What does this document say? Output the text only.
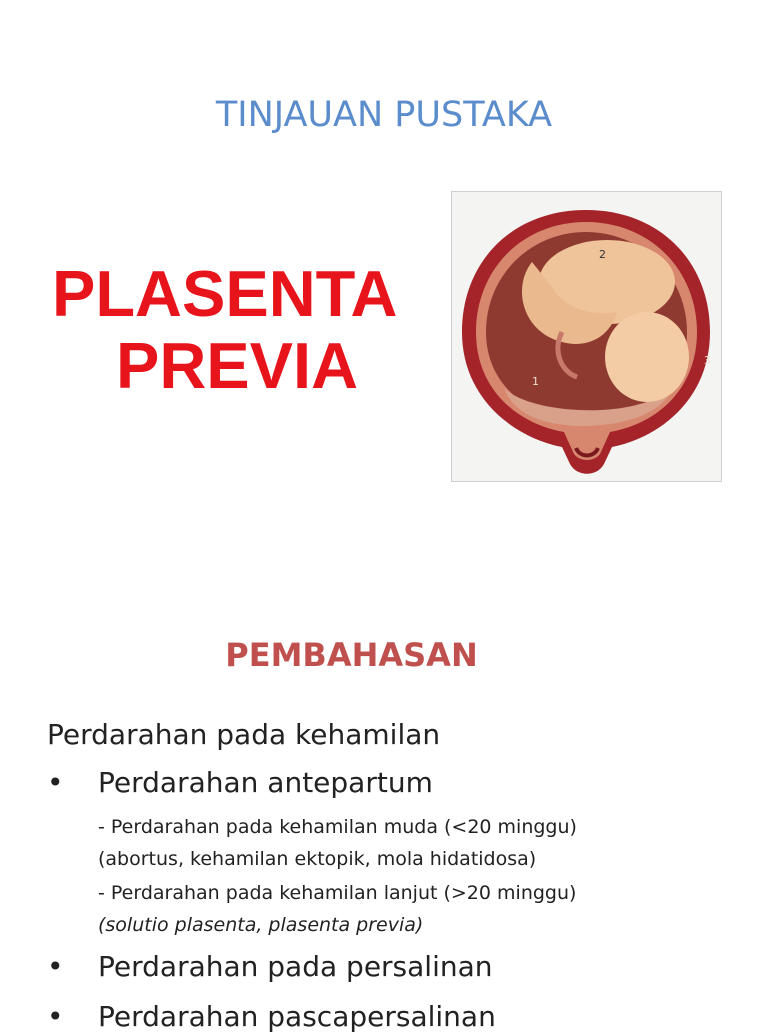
TINJAUAN PUSTAKA
PLASENTA
PREVIA
2
1
3
PEMBAHASAN
Perdarahan pada kehamilan
• Perdarahan antepartum
- Perdarahan pada kehamilan muda (<20 minggu)
(abortus, kehamilan ektopik, mola hidatidosa)
- Perdarahan pada kehamilan lanjut (>20 minggu)
(solutio plasenta, plasenta previa)
• Perdarahan pada persalinan
• Perdarahan pascapersalinan
